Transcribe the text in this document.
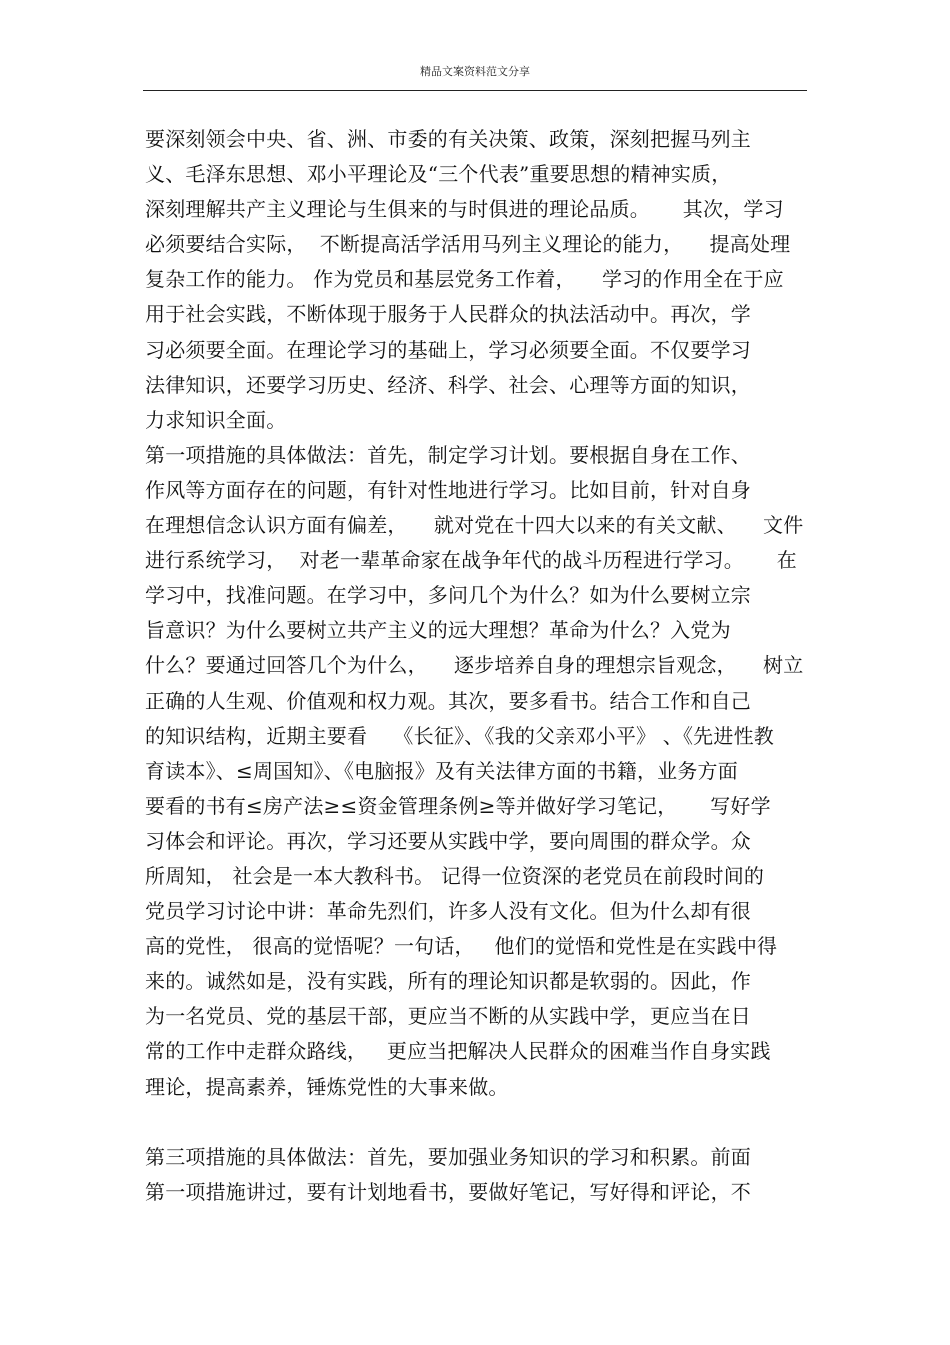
精品文案资料范文分享
要深刻领会中央、省、洲、市委的有关决策、政策，深刻把握马列主
义、毛泽东思想、邓小平理论及“三个代表”重要思想的精神实质，
深刻理解共产主义理论与生俱来的与时俱进的理论品质。     其次，学习
必须要结合实际，  不断提高活学活用马列主义理论的能力，    提高处理
复杂工作的能力。 作为党员和基层党务工作着，    学习的作用全在于应
用于社会实践，不断体现于服务于人民群众的执法活动中。再次，学
习必须要全面。在理论学习的基础上，学习必须要全面。不仅要学习
法律知识，还要学习历史、经济、科学、社会、心理等方面的知识，
力求知识全面。
第一项措施的具体做法：首先，制定学习计划。要根据自身在工作、
作风等方面存在的问题，有针对性地进行学习。比如目前，针对自身
在理想信念认识方面有偏差，    就对党在十四大以来的有关文献、    文件
进行系统学习，  对老一辈革命家在战争年代的战斗历程进行学习。     在
学习中，找准问题。在学习中，多问几个为什么？如为什么要树立宗
旨意识？为什么要树立共产主义的远大理想？革命为什么？入党为
什么？要通过回答几个为什么，    逐步培养自身的理想宗旨观念，    树立
正确的人生观、价值观和权力观。其次，要多看书。结合工作和自己
的知识结构，近期主要看    《长征》、《我的父亲邓小平》 、《先进性教
育读本》、≤周国知》、《电脑报》及有关法律方面的书籍，业务方面
要看的书有≤房产法≥≤资金管理条例≥等并做好学习笔记，     写好学
习体会和评论。再次，学习还要从实践中学，要向周围的群众学。众
所周知， 社会是一本大教科书。 记得一位资深的老党员在前段时间的
党员学习讨论中讲：革命先烈们，许多人没有文化。但为什么却有很
高的党性， 很高的觉悟呢？一句话，   他们的觉悟和党性是在实践中得
来的。诚然如是，没有实践，所有的理论知识都是软弱的。因此，作
为一名党员、党的基层干部，更应当不断的从实践中学，更应当在日
常的工作中走群众路线，   更应当把解决人民群众的困难当作自身实践
理论，提高素养，锤炼党性的大事来做。
第三项措施的具体做法：首先，要加强业务知识的学习和积累。前面
第一项措施讲过，要有计划地看书，要做好笔记，写好得和评论，不
